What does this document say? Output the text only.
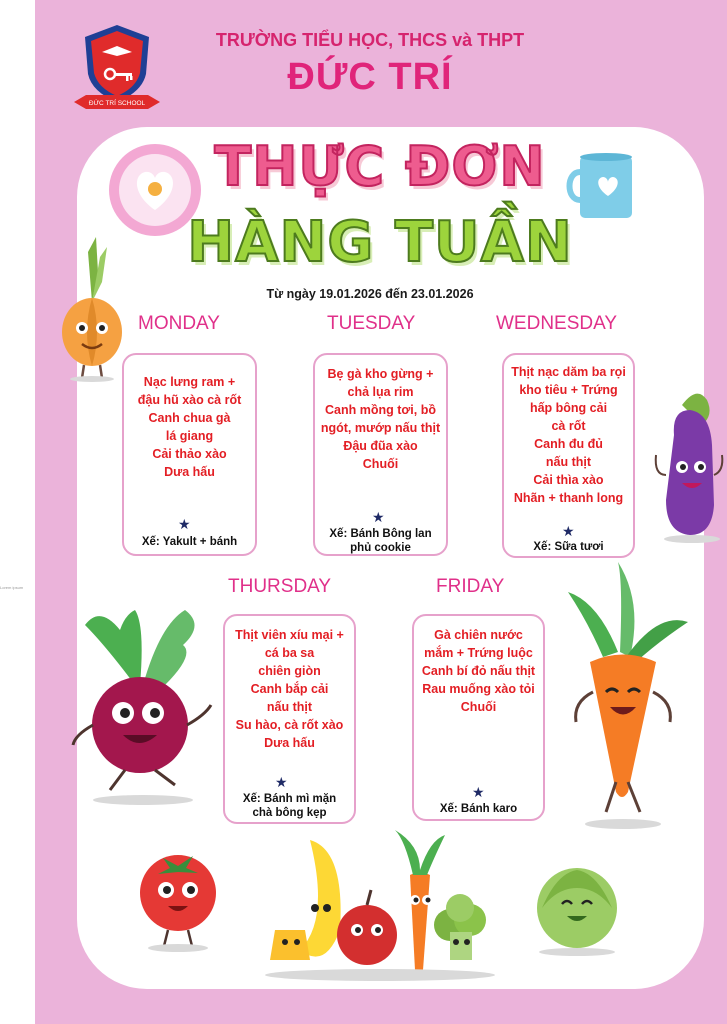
Lorem ipsum
ĐỨC TRÍ SCHOOL
TRƯỜNG TIỂU HỌC, THCS và THPT
ĐỨC TRÍ
THỰC ĐƠN
HÀNG TUẦN
Từ ngày 19.01.2026 đến 23.01.2026
MONDAY	TUESDAY	WEDNESDAY
THURSDAY	FRIDAY
Nạc lưng ram +
đậu hũ xào cà rốt
Canh chua gà
lá giang
Cải thảo xào
Dưa hấu
★
Xế: Yakult + bánh
Bẹ gà kho gừng +
chả lụa rim
Canh mồng tơi, bồ
ngót, mướp nấu thịt
Đậu đũa xào
Chuối
★
Xế: Bánh Bông lan
phủ cookie
Thịt nạc dăm ba rọi
kho tiêu + Trứng
hấp bông cải
cà rốt
Canh đu đủ
nấu thịt
Cải thìa xào
Nhãn + thanh long
★
Xế: Sữa tươi
Thịt viên xíu mại +
cá ba sa
chiên giòn
Canh bắp cải
nấu thịt
Su hào, cà rốt xào
Dưa hấu
★
Xế: Bánh mì mặn
chà bông kẹp
Gà chiên nước
mắm + Trứng luộc
Canh bí đỏ nấu thịt
Rau muống xào tỏi
Chuối
★
Xế: Bánh karo
